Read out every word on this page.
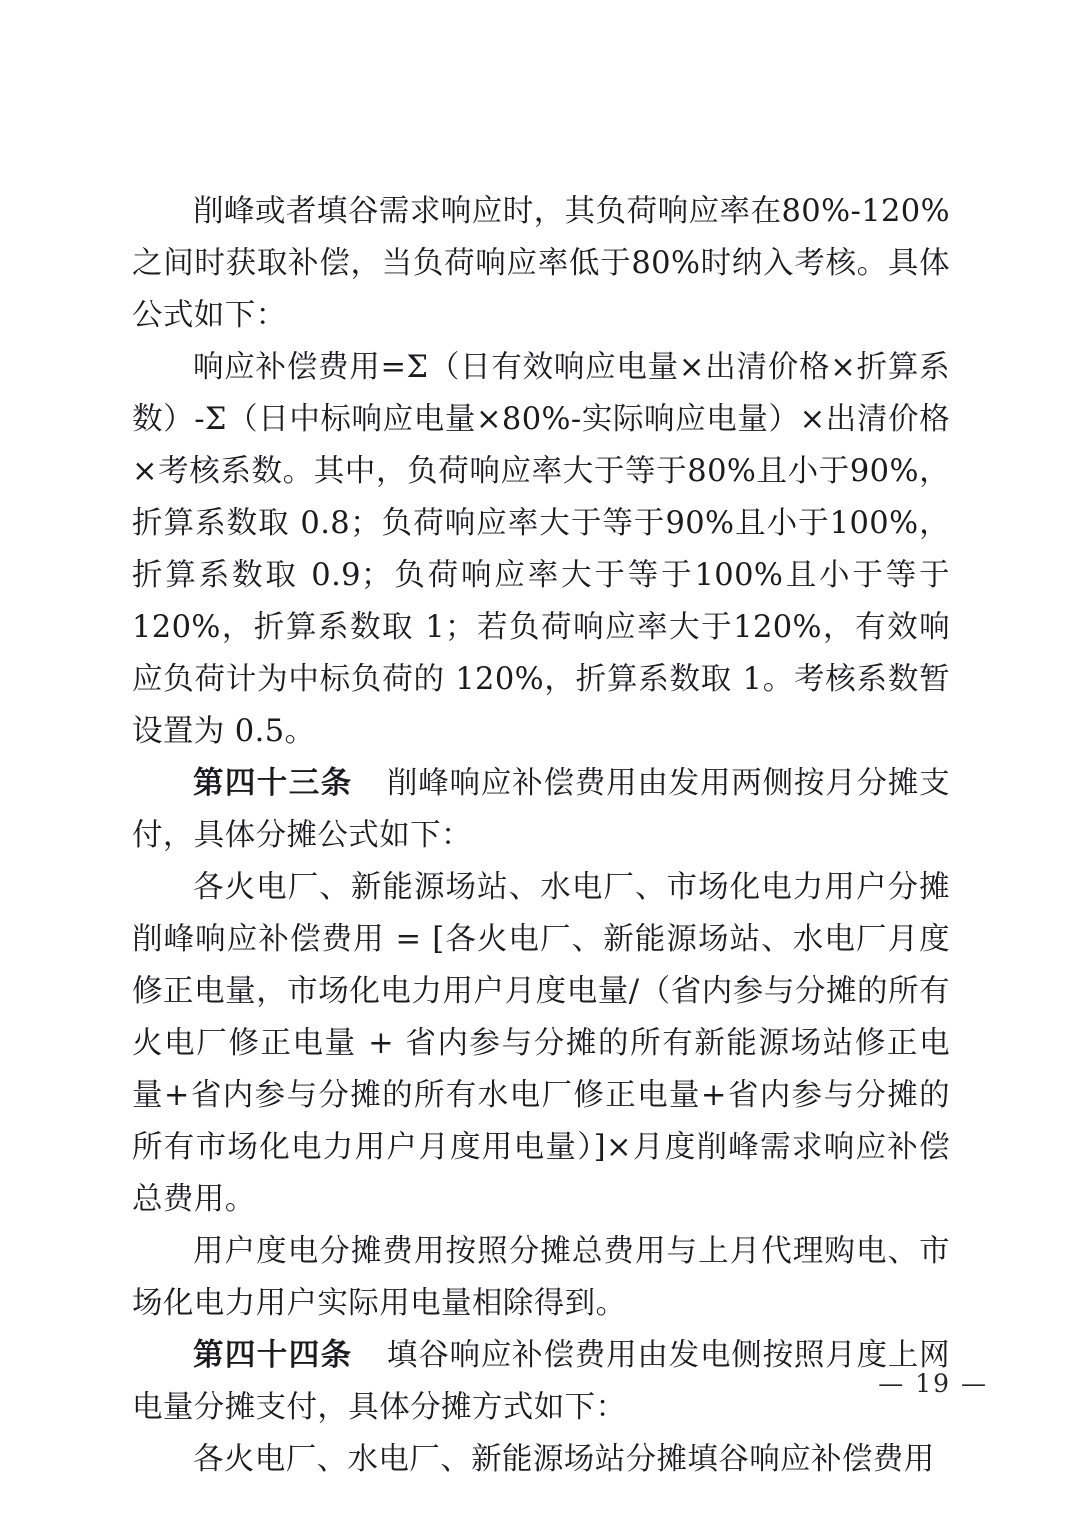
削峰或者填谷需求响应时，其负荷响应率在80%-120%之间时获取补偿，当负荷响应率低于80%时纳入考核。具体公式如下：

响应补偿费用=Σ（日有效响应电量×出清价格×折算系数）-Σ（日中标响应电量×80%-实际响应电量）×出清价格×考核系数。其中，负荷响应率大于等于80%且小于90%，折算系数取 0.8；负荷响应率大于等于90%且小于100%，折算系数取 0.9；负荷响应率大于等于100%且小于等于120%，折算系数取 1；若负荷响应率大于120%，有效响应负荷计为中标负荷的 120%，折算系数取 1。考核系数暂设置为 0.5。

第四十三条 削峰响应补偿费用由发用两侧按月分摊支付，具体分摊公式如下：

各火电厂、新能源场站、水电厂、市场化电力用户分摊削峰响应补偿费用 = [各火电厂、新能源场站、水电厂月度修正电量，市场化电力用户月度电量/（省内参与分摊的所有火电厂修正电量 + 省内参与分摊的所有新能源场站修正电量+省内参与分摊的所有水电厂修正电量+省内参与分摊的所有市场化电力用户月度用电量）]×月度削峰需求响应补偿总费用。

用户度电分摊费用按照分摊总费用与上月代理购电、市场化电力用户实际用电量相除得到。

第四十四条 填谷响应补偿费用由发电侧按照月度上网电量分摊支付，具体分摊方式如下：

各火电厂、水电厂、新能源场站分摊填谷响应补偿费用

— 19 —
